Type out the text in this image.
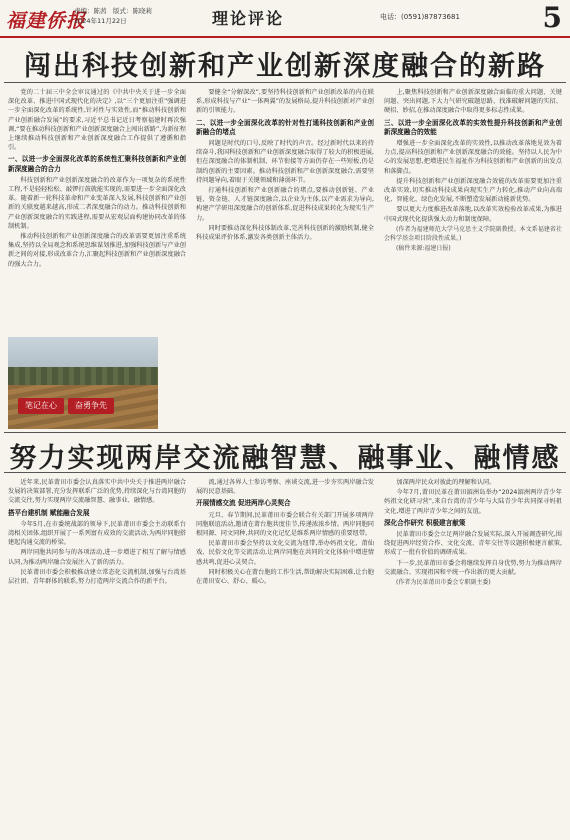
福建侨报
责编：陈茜　版式：陈晓莉
2024年11月22日	理论评论	电话：(0591)87873681	5
闯出科技创新和产业创新深度融合的新路

党的二十届三中全会审议通过的《中共中央关于进一步全面深化改革、推进中国式现代化的决定》,以“三个更加注重”强调进一步全面深化改革的系统性,针对性与实效性,而“推动科技创新和产业创新融合发展”的要求,习近平总书记近日考察福建时再次强调,“要在推动科技创新和产业创新深度融合上闯出新路”,为新征程上继续推动科技创新和产业创新深度融合工作提供了遵循和指引。

一、以进一步全面深化改革的系统性汇聚科技创新和产业创新深度融合的合力

科技创新和产业创新深度融合的改革作为一项复杂的系统性工程,不是轻轻松松、敲锣打鼓就能实现的,需要进一步全面深化改革。随着新一轮科技革命和产业变革深入发展,科技创新和产业创新的关联度越来越高,形成二者深度融合的动力。推动科技创新和产业创新深度融合的实践进程,需要从宏观层面构建协同改革的体制机制。

推动科技创新和产业创新深度融合的改革需要更加注重系统集成,坚持以全局观念和系统思维谋划推进,加强科技创新与产业创新之间的对接,形成改革合力,汇聚起科技创新和产业创新深度融合的强大合力。

要健全“分解深改”,要坚持科技创新和产业创新改革的内在联系,形成科技与产业“一体两翼”的发展格局,提升科技创新对产业创新的引领能力。

二、以进一步全面深化改革的针对性打通科技创新和产业创新融合的堵点

问题是时代的口号,反映了时代的声音。经过新时代以来的持续奋斗,我国科技创新和产业创新深度融合取得了较大的积极进展,但在深度融合的体制机制、环节衔接等方面仍存在一些短板,仍是制约创新的主要因素。推动科技创新和产业创新深度融合,需要坚持问题导向,着眼于关键领域和薄弱环节。

打通科技创新和产业创新融合的堵点,要推动创新链、产业链、资金链、人才链深度融合,以企业为主体,以产业需求为导向,构建产学研用深度融合的创新体系,促进科技成果转化为现实生产力。

同时要推动深化科技体制改革,完善科技创新的激励机制,健全科技成果评价体系,激发各类创新主体活力。

上,聚焦科技创新和产业创新深度融合面临的重大问题、关键问题、突出问题,下大力气研究破题思路、找准破解问题的实招、硬招、妙招,在推动深度融合中取得更多标志性成果。

三、以进一步全面深化改革的实效性提升科技创新和产业创新深度融合的效能

增强进一步全面深化改革的实效性,以推动改革落地见效为着力点,提高科技创新和产业创新深度融合的效能。坚持以人民为中心的发展思想,把增进民生福祉作为科技创新和产业创新的出发点和落脚点。

提升科技创新和产业创新深度融合效能的改革需要更加注重改革实效,切实推动科技成果向现实生产力转化,推动产业向高端化、智能化、绿色化发展,不断塑造发展新动能新优势。

要以更大力度推进改革落地,以改革实效检验改革成果,为推进中国式现代化提供强大动力和制度保障。

(作者为福建师范大学马克思主义学院副教授。本文系福建省社会科学基金项目阶段性成果。)

(稿件来源:福建日报)

笔记在心	奋勇争先
努力实现两岸交流融智慧、融事业、融情感

近年来,民革莆田市委会认真落实中共中央关于推进两岸融合发展的决策部署,充分发挥联系广泛的优势,持续深化与台湾同胞的交流交往,努力实现两岸交流融智慧、融事业、融情感。

搭平台建机制 赋能融合发展

今年5月,在市委统战部的领导下,民革莆田市委会主动联系台湾相关团体,组织开展了一系列富有成效的交流活动,为两岸同胞搭建起沟通交流的桥梁。

两岸同胞共同参与的各项活动,进一步增进了相互了解与情感认同,为推动两岸融合发展注入了新的活力。

民革莆田市委会积极推动建立常态化交流机制,加强与台湾基层社团、青年群体的联系,努力打造两岸交流合作的新平台。

流,通过各界人士参访考察、座谈交流,进一步夯实两岸融合发展的民意基础。

开展情感交流 促进两岸心灵契合

元旦、春节期间,民革莆田市委会联合有关部门开展多项两岸同胞联谊活动,邀请在莆台胞共度佳节,传递浓浓乡情。两岸同胞同根同源、同文同种,共同的文化记忆是维系两岸情感的重要纽带。

民革莆田市委会坚持以文化交流为纽带,举办妈祖文化、莆仙戏、民俗文化等交流活动,让两岸同胞在共同的文化体验中增进情感共鸣,促进心灵契合。

同时积极关心在莆台胞的工作生活,帮助解决实际困难,让台胞在莆田安心、舒心、暖心。

加深两岸民众对彼此的理解和认同。

今年7月,莆田民革在莆田湄洲岛举办“2024湄洲两岸青少年妈祖文化研习营”,来自台湾的青少年与大陆青少年共同探寻妈祖文化,增进了两岸青少年之间的友谊。

深化合作研究 积极建言献策

民革莆田市委会立足两岸融合发展实际,深入开展调查研究,围绕促进两岸经贸合作、文化交流、青年交往等议题积极建言献策,形成了一批有价值的调研成果。

下一步,民革莆田市委会将继续发挥自身优势,努力为推动两岸交流融合、实现祖国和平统一作出新的更大贡献。

(作者为民革莆田市委会专职副主委)
